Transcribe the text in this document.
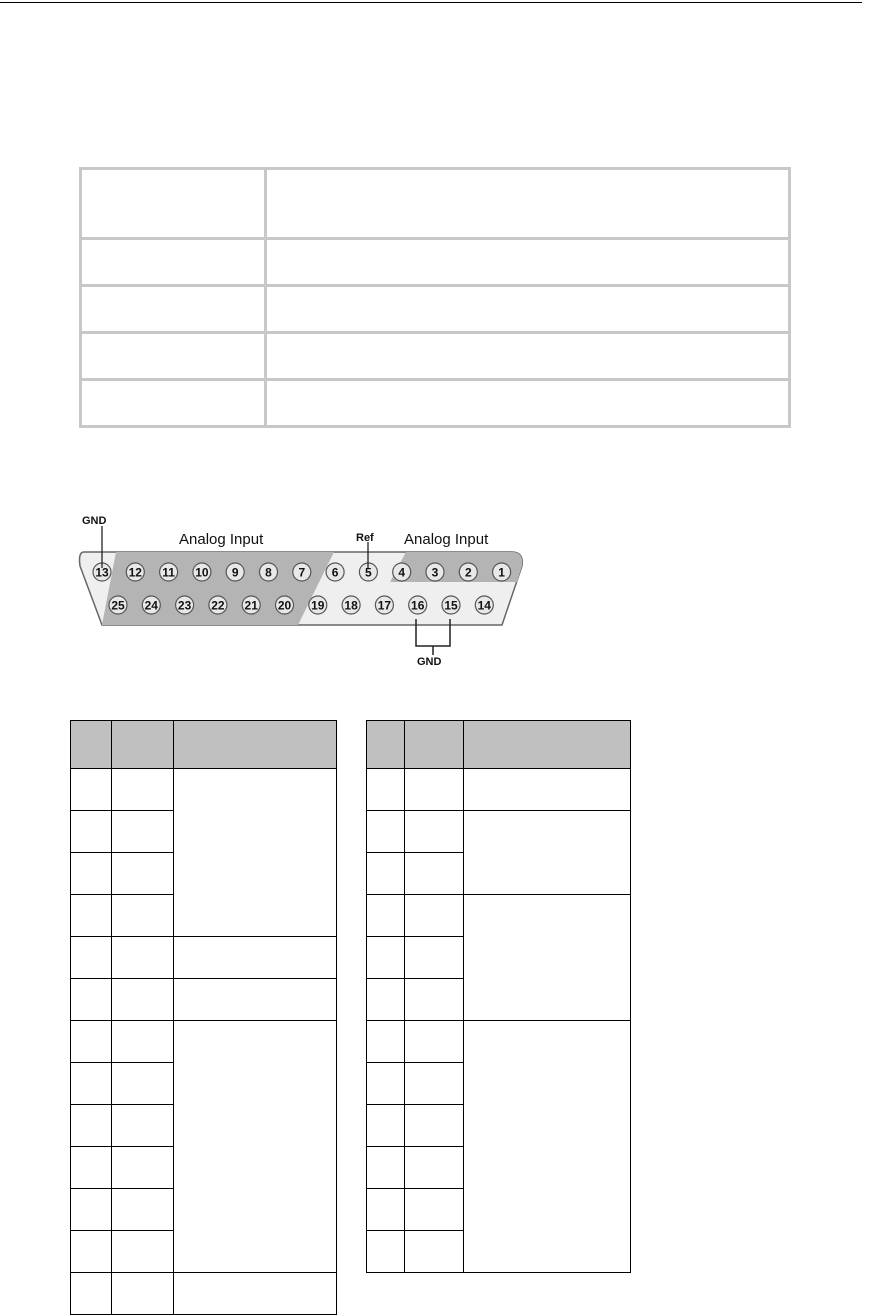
13 12 11 10 9 8 7 6 5 4 3 2 1
25 24 23 22 21 20 19 18 17 16 15 14
GND
Analog Input	Ref Analog Input
GND
